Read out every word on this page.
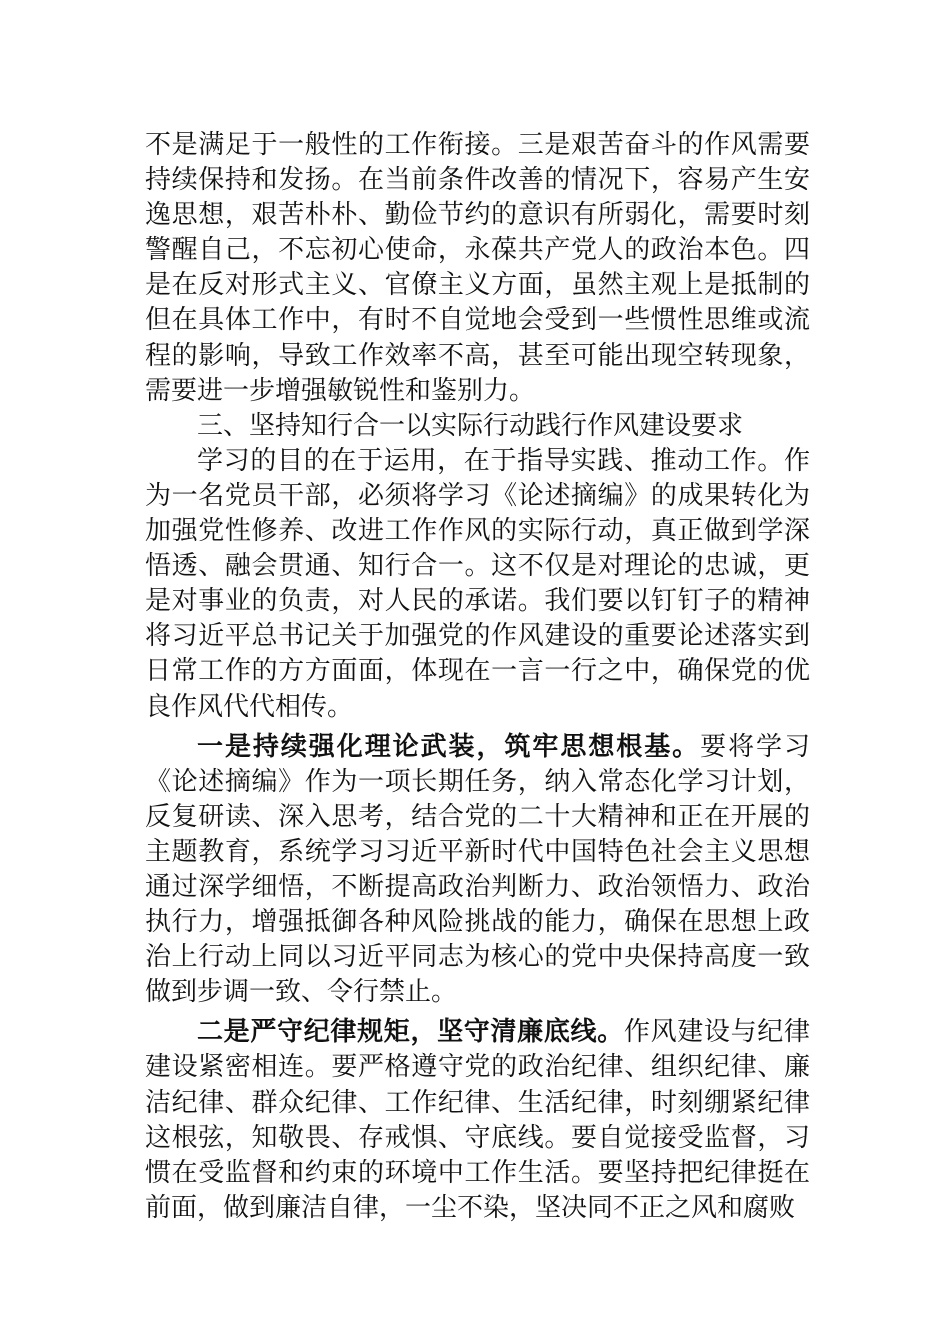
不是满足于一般性的工作衔接。三是艰苦奋斗的作风需要持续保持和发扬。在当前条件改善的情况下，容易产生安逸思想，艰苦朴朴、勤俭节约的意识有所弱化，需要时刻警醒自己，不忘初心使命，永葆共产党人的政治本色。四是在反对形式主义、官僚主义方面，虽然主观上是抵制的但在具体工作中，有时不自觉地会受到一些惯性思维或流程的影响，导致工作效率不高，甚至可能出现空转现象，需要进一步增强敏锐性和鉴别力。

三、坚持知行合一以实际行动践行作风建设要求

学习的目的在于运用，在于指导实践、推动工作。作为一名党员干部，必须将学习《论述摘编》的成果转化为加强党性修养、改进工作作风的实际行动，真正做到学深悟透、融会贯通、知行合一。这不仅是对理论的忠诚，更是对事业的负责，对人民的承诺。我们要以钉钉子的精神将习近平总书记关于加强党的作风建设的重要论述落实到日常工作的方方面面，体现在一言一行之中，确保党的优良作风代代相传。

一是持续强化理论武装，筑牢思想根基。要将学习《论述摘编》作为一项长期任务，纳入常态化学习计划，反复研读、深入思考，结合党的二十大精神和正在开展的主题教育，系统学习习近平新时代中国特色社会主义思想通过深学细悟，不断提高政治判断力、政治领悟力、政治执行力，增强抵御各种风险挑战的能力，确保在思想上政治上行动上同以习近平同志为核心的党中央保持高度一致做到步调一致、令行禁止。

二是严守纪律规矩，坚守清廉底线。作风建设与纪律建设紧密相连。要严格遵守党的政治纪律、组织纪律、廉洁纪律、群众纪律、工作纪律、生活纪律，时刻绷紧纪律这根弦，知敬畏、存戒惧、守底线。要自觉接受监督，习惯在受监督和约束的环境中工作生活。要坚持把纪律挺在前面，做到廉洁自律，一尘不染，坚决同不正之风和腐败
